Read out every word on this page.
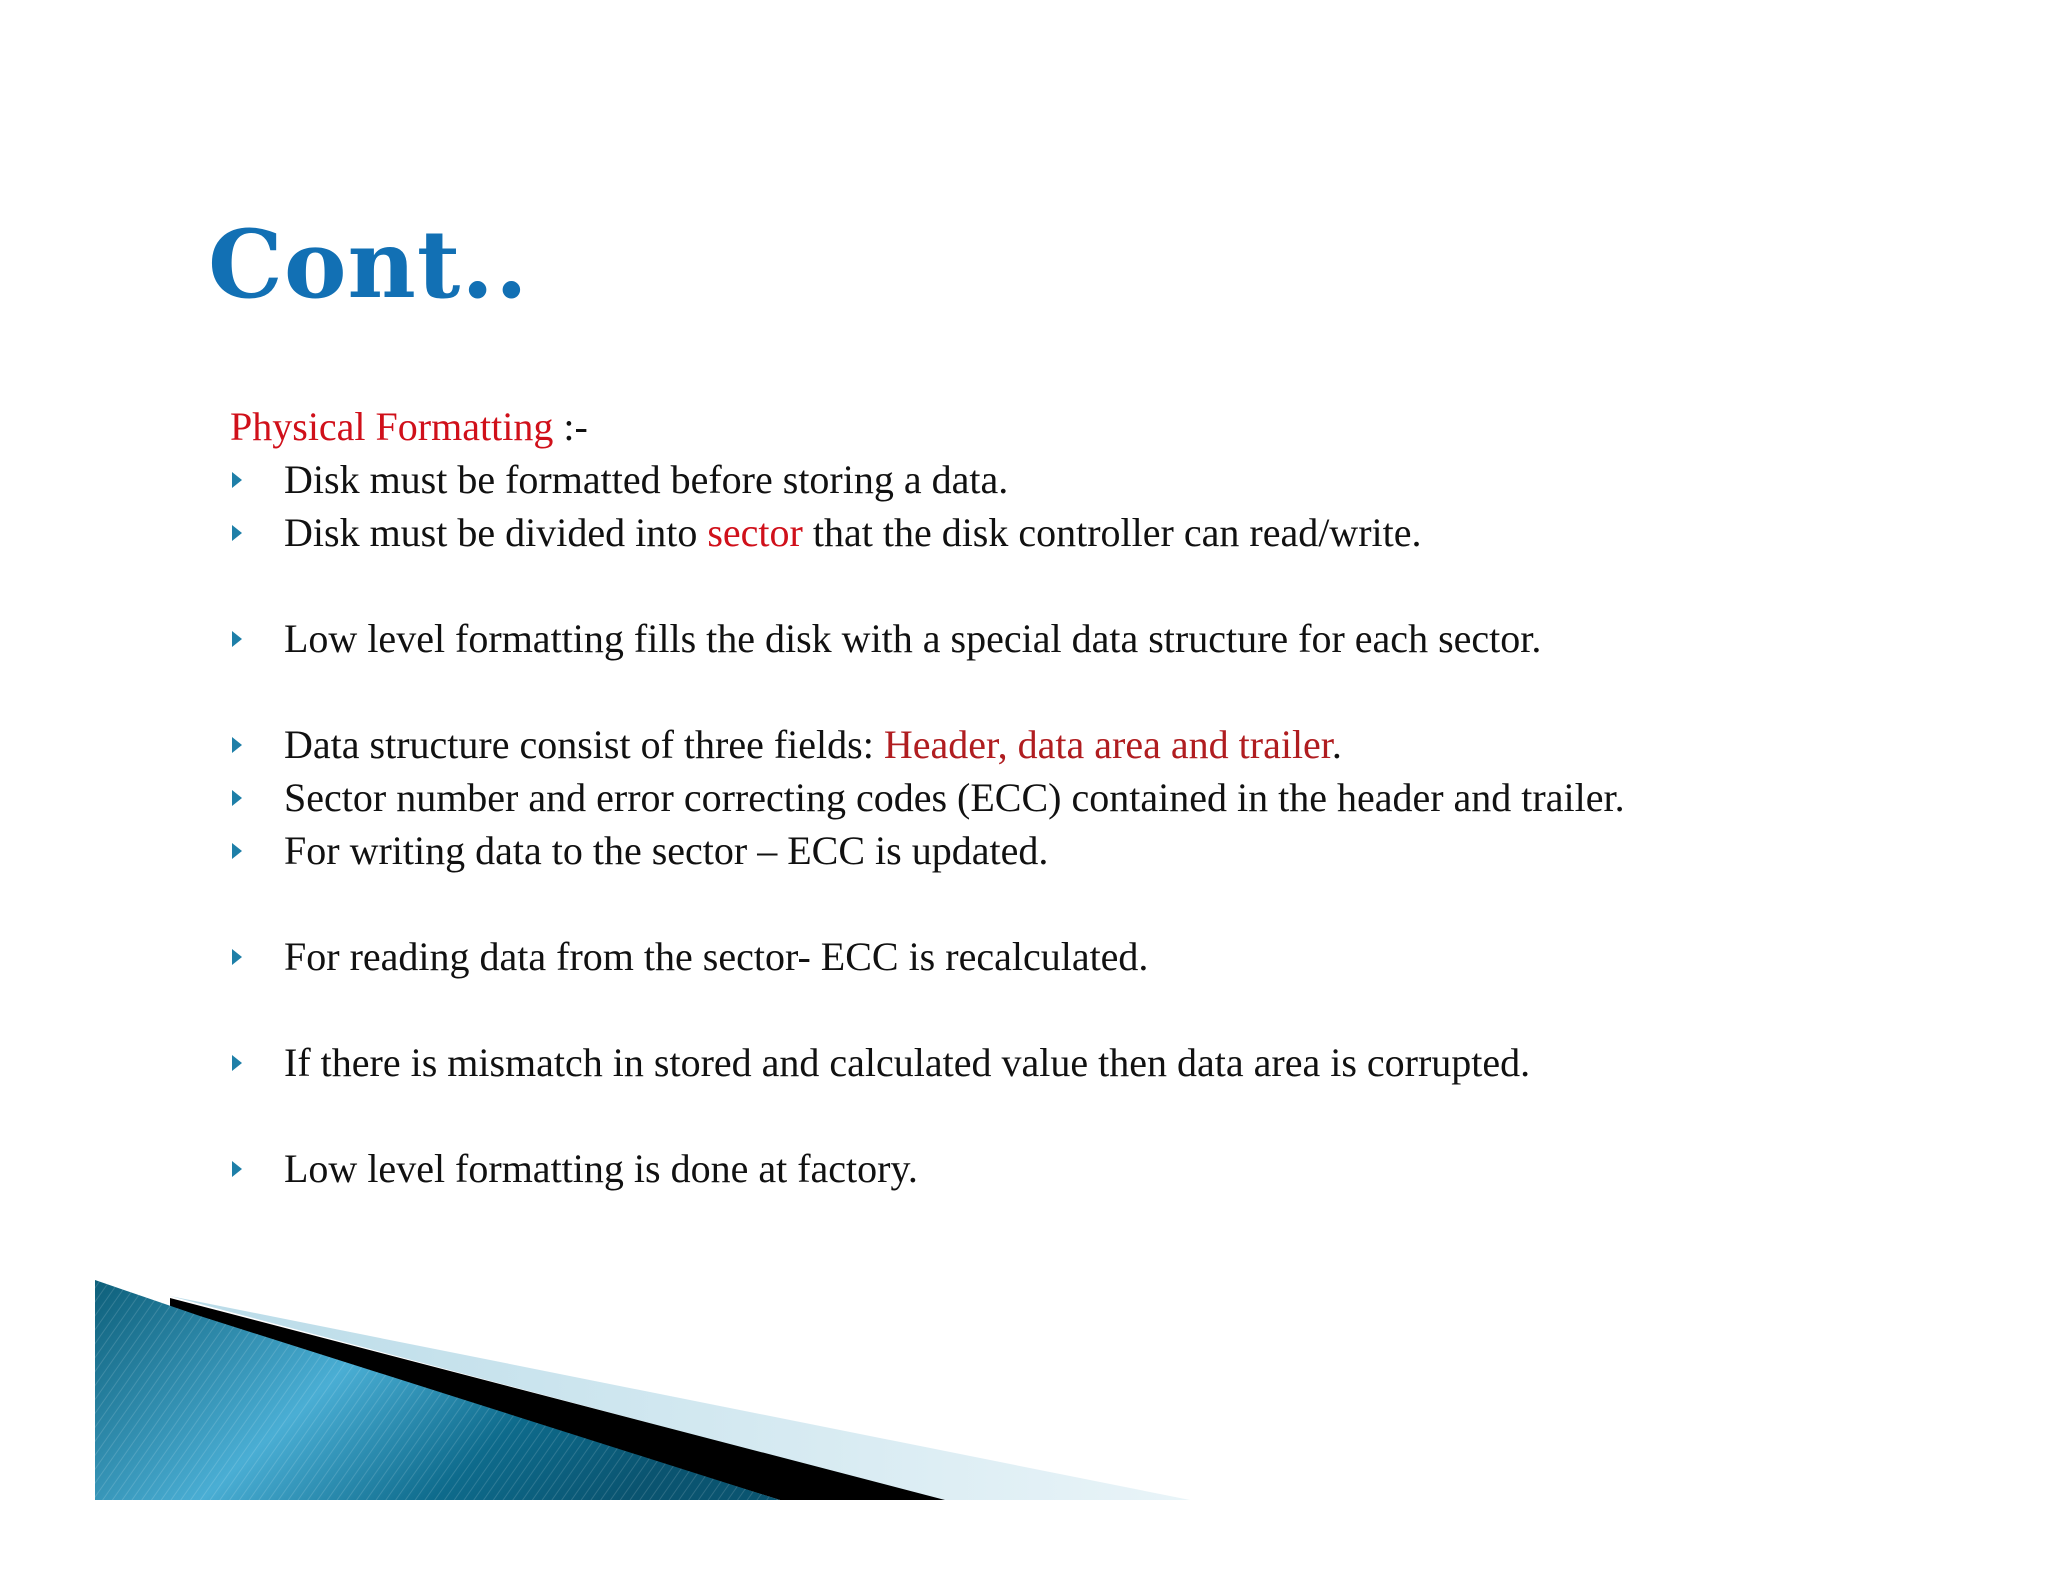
Cont..
Physical Formatting :-
Disk must be formatted before storing a data.
Disk must be divided into sector that the disk controller can read/write.
Low level formatting fills the disk with a special data structure for each sector.
Data structure consist of three fields: Header, data area and trailer.
Sector number and error correcting codes (ECC) contained in the header and trailer.
For writing data to the sector – ECC is updated.
For reading data from the sector- ECC is recalculated.
If there is mismatch in stored and calculated value then data area is corrupted.
Low level formatting is done at factory.
